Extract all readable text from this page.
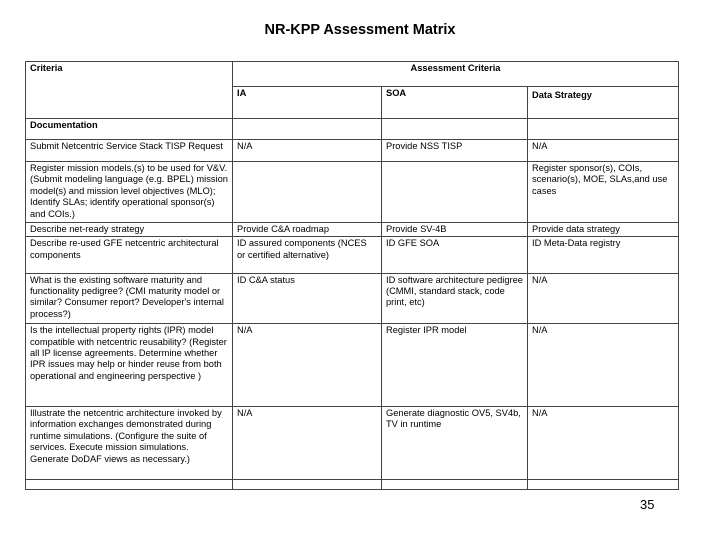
NR-KPP Assessment Matrix
Criteria	Assessment Criteria		
	IA	SOA	Data Strategy
Documentation			
Submit Netcentric Service Stack TISP Request	N/A	Provide NSS TISP	N/A
Register mission models.(s) to be used for V&V. (Submit modeling language (e.g. BPEL) mission model(s) and mission level objectives (MLO); Identify SLAs; identify operational sponsor(s) and COIs.)			Register sponsor(s), COIs, scenario(s), MOE, SLAs,and use cases
Describe net-ready strategy	Provide C&A roadmap	Provide SV-4B	Provide data strategy
Describe re-used GFE netcentric architectural components	ID assured components (NCES or certified alternative)	ID GFE SOA	ID Meta-Data registry
What is the existing software maturity and functionality pedigree? (CMI maturity model or similar? Consumer report? Developer's internal process?)	ID C&A status	ID software architecture pedigree (CMMI, standard stack, code print, etc)	N/A
Is the intellectual property rights (IPR) model compatible with netcentric reusability? (Register all IP license agreements. Determine whether IPR issues may help or hinder reuse from both operational and engineering perspective )	N/A	Register IPR model	N/A
Illustrate the netcentric architecture invoked by information exchanges demonstrated during runtime simulations. (Configure the suite of services. Execute mission simulations. Generate DoDAF views as necessary.)	N/A	Generate diagnostic OV5, SV4b, TV in runtime	N/A

35
